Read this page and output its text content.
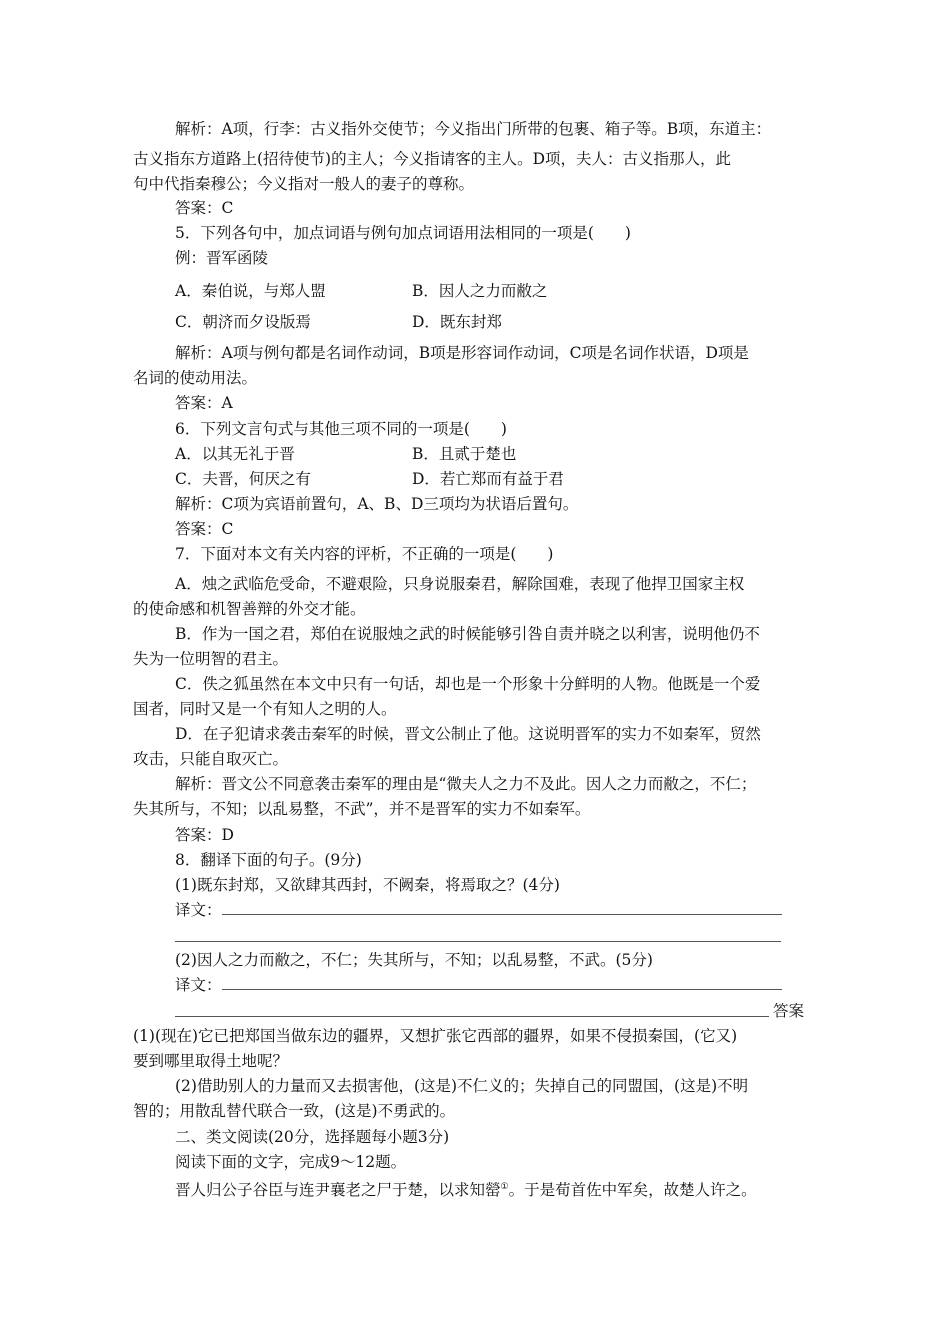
解析：A项，行李：古义指外交使节；今义指出门所带的包裹、箱子等。B项，东道主：
古义指东方道路上(招待使节)的主人；今义指请客的主人。D项，夫人：古义指那人，此
句中代指秦穆公；今义指对一般人的妻子的尊称。
答案：C
5．下列各句中，加点词语与例句加点词语用法相同的一项是(　　)
例：晋军函陵
A．秦伯说，与郑人盟	B．因人之力而敝之
C．朝济而夕设版焉	D．既东封郑
解析：A项与例句都是名词作动词，B项是形容词作动词，C项是名词作状语，D项是
名词的使动用法。
答案：A
6．下列文言句式与其他三项不同的一项是(　　)
A．以其无礼于晋	B．且贰于楚也
C．夫晋，何厌之有	D．若亡郑而有益于君
解析：C项为宾语前置句，A、B、D三项均为状语后置句。
答案：C
7．下面对本文有关内容的评析，不正确的一项是(　　)
A．烛之武临危受命，不避艰险，只身说服秦君，解除国难，表现了他捍卫国家主权
的使命感和机智善辩的外交才能。
B．作为一国之君，郑伯在说服烛之武的时候能够引咎自责并晓之以利害，说明他仍不
失为一位明智的君主。
C．佚之狐虽然在本文中只有一句话，却也是一个形象十分鲜明的人物。他既是一个爱
国者，同时又是一个有知人之明的人。
D．在子犯请求袭击秦军的时候，晋文公制止了他。这说明晋军的实力不如秦军，贸然
攻击，只能自取灭亡。
解析：晋文公不同意袭击秦军的理由是“微夫人之力不及此。因人之力而敝之，不仁；
失其所与，不知；以乱易整，不武”，并不是晋军的实力不如秦军。
答案：D
8．翻译下面的句子。(9分)
(1)既东封郑，又欲肆其西封，不阙秦，将焉取之？(4分)
译文：
(2)因人之力而敝之，不仁；失其所与，不知；以乱易整，不武。(5分)
译文：
答案
(1)(现在)它已把郑国当做东边的疆界，又想扩张它西部的疆界，如果不侵损秦国，(它又)
要到哪里取得土地呢？
(2)借助别人的力量而又去损害他，(这是)不仁义的；失掉自己的同盟国，(这是)不明
智的；用散乱替代联合一致，(这是)不勇武的。
二、类文阅读(20分，选择题每小题3分)
阅读下面的文字，完成9～12题。
晋人归公子谷臣与连尹襄老之尸于楚，以求知罃①。于是荀首佐中军矣，故楚人许之。
